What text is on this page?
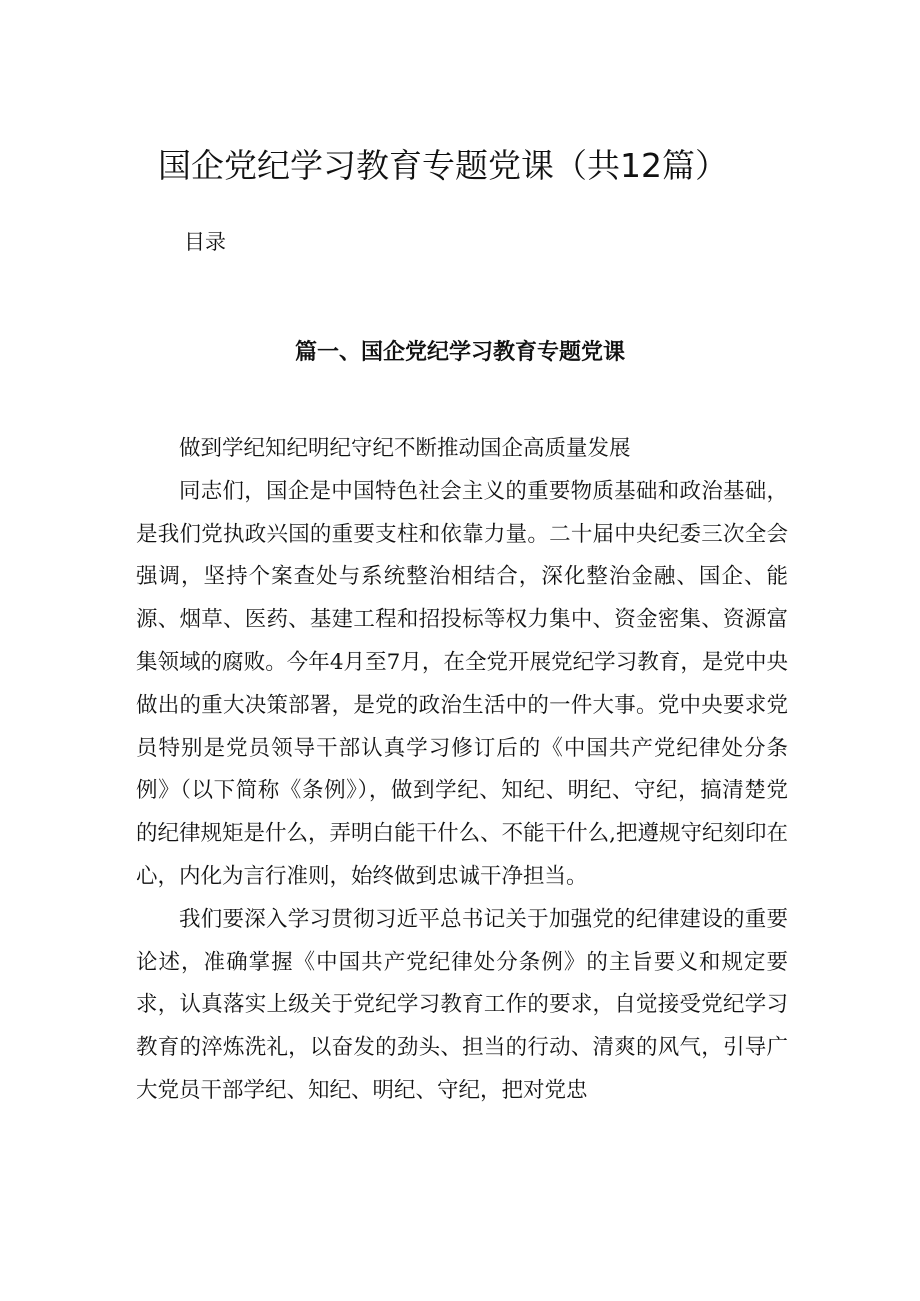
国企党纪学习教育专题党课（共12篇）
目录
篇一、国企党纪学习教育专题党课

做到学纪知纪明纪守纪不断推动国企高质量发展

同志们，国企是中国特色社会主义的重要物质基础和政治基础，是我们党执政兴国的重要支柱和依靠力量。二十届中央纪委三次全会强调，坚持个案查处与系统整治相结合，深化整治金融、国企、能源、烟草、医药、基建工程和招投标等权力集中、资金密集、资源富集领域的腐败。今年4月至7月，在全党开展党纪学习教育，是党中央做出的重大决策部署，是党的政治生活中的一件大事。党中央要求党员特别是党员领导干部认真学习修订后的《中国共产党纪律处分条例》（以下简称《条例》），做到学纪、知纪、明纪、守纪，搞清楚党的纪律规矩是什么，弄明白能干什么、不能干什么,把遵规守纪刻印在心，内化为言行准则，始终做到忠诚干净担当。

我们要深入学习贯彻习近平总书记关于加强党的纪律建设的重要论述，准确掌握《中国共产党纪律处分条例》的主旨要义和规定要求，认真落实上级关于党纪学习教育工作的要求，自觉接受党纪学习教育的淬炼洗礼，以奋发的劲头、担当的行动、清爽的风气，引导广大党员干部学纪、知纪、明纪、守纪，把对党忠
